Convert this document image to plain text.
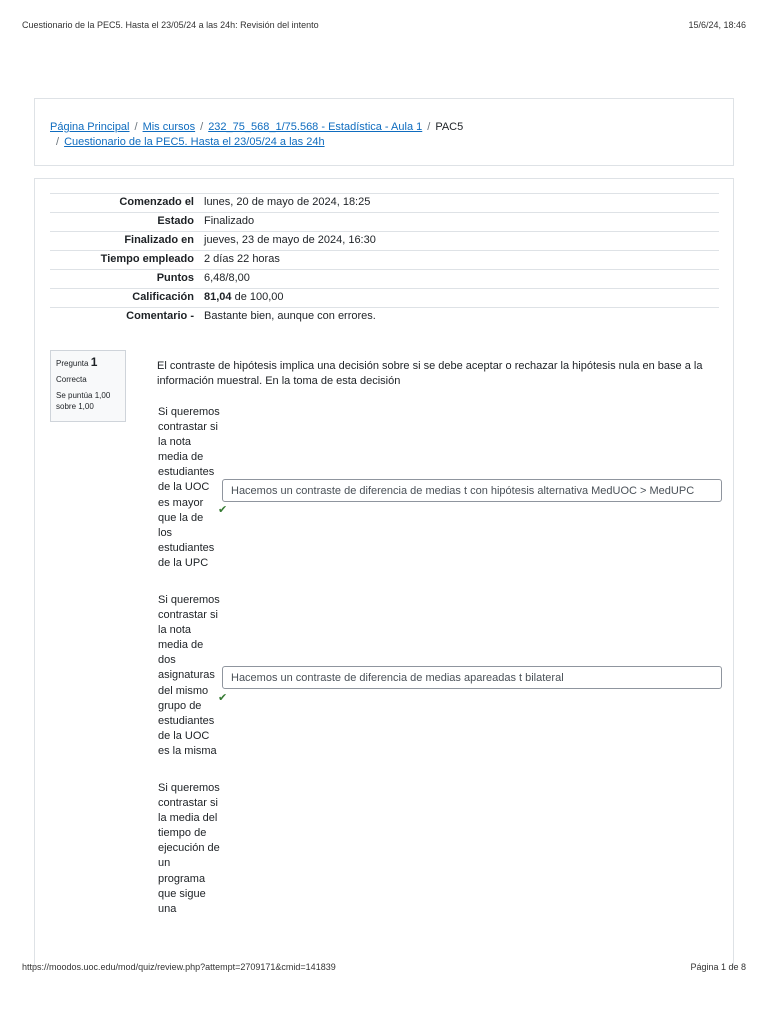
Cuestionario de la PEC5. Hasta el 23/05/24 a las 24h: Revisión del intento	15/6/24, 18:46
Página Principal / Mis cursos / 232_75_568_1/75.568 - Estadística - Aula 1 / PAC5
/ Cuestionario de la PEC5. Hasta el 23/05/24 a las 24h
Comenzado el	lunes, 20 de mayo de 2024, 18:25
Estado	Finalizado
Finalizado en	jueves, 23 de mayo de 2024, 16:30
Tiempo empleado	2 días 22 horas
Puntos	6,48/8,00
Calificación	81,04 de 100,00
Comentario -	Bastante bien, aunque con errores.
Pregunta 1
Correcta
Se puntúa 1,00 sobre 1,00
El contraste de hipótesis implica una decisión sobre si se debe aceptar o rechazar la hipótesis nula en base a la información muestral. En la toma de esta decisión
Si queremos contrastar si la nota media de estudiantes de la UOC es mayor que la de los estudiantes de la UPC
Hacemos un contraste de diferencia de medias t con hipótesis alternativa MedUOC > MedUPC
✔
Si queremos contrastar si la nota media de dos asignaturas del mismo grupo de estudiantes de la UOC es la misma
Hacemos un contraste de diferencia de medias apareadas t bilateral
✔
Si queremos contrastar si la media del tiempo de ejecución de un programa que sigue una
https://moodos.uoc.edu/mod/quiz/review.php?attempt=2709171&cmid=141839	Página 1 de 8
